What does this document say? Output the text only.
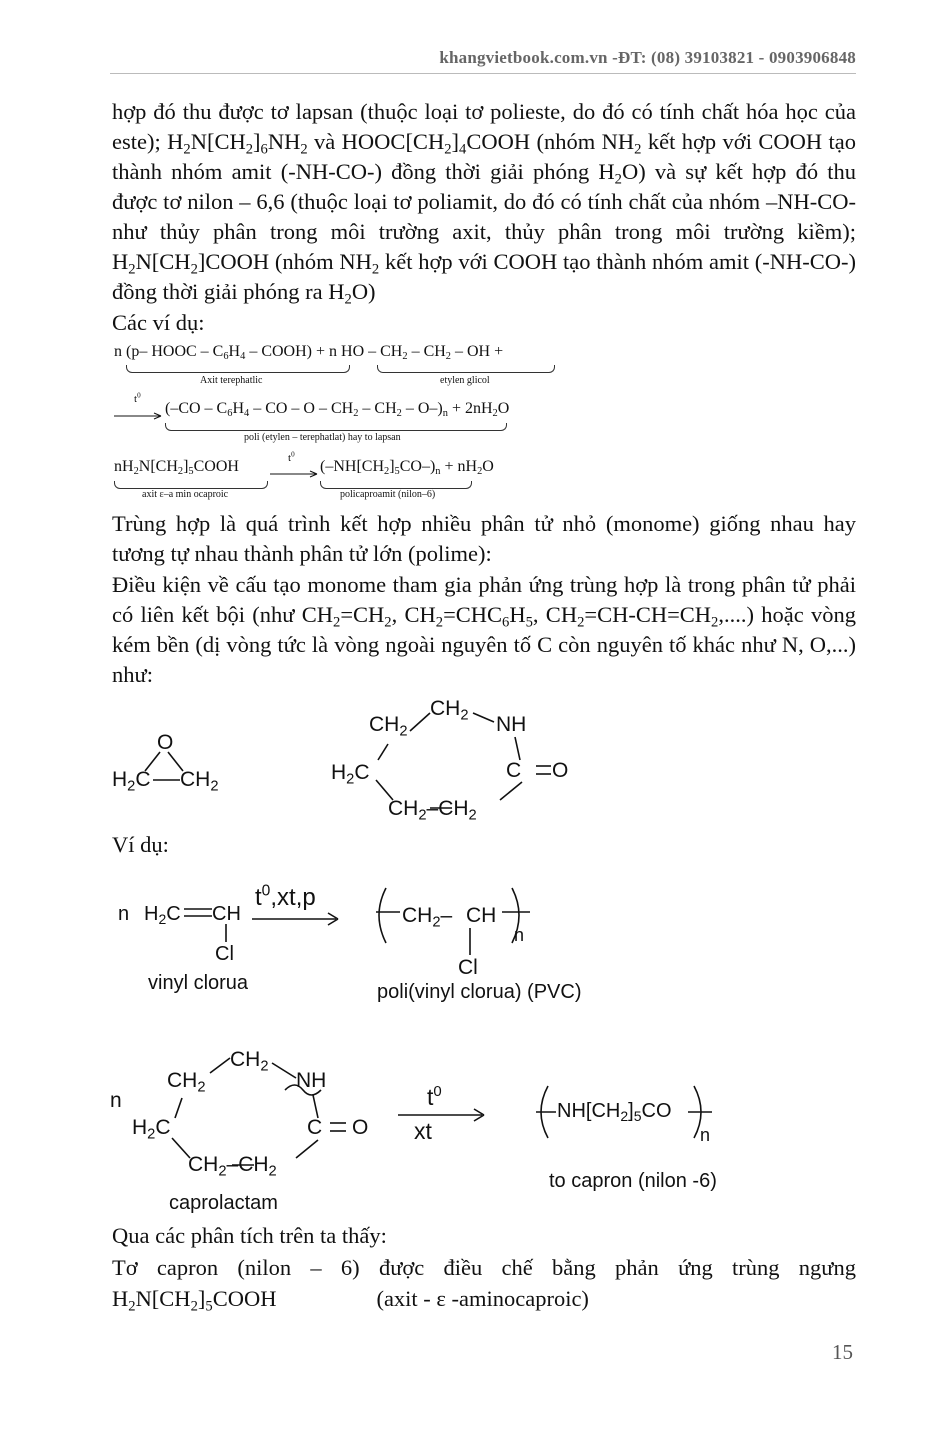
khangvietbook.com.vn -ĐT: (08) 39103821 - 0903906848
hợp đó thu được tơ lapsan (thuộc loại tơ polieste, do đó có tính chất hóa học của este); $H_2N[CH_2]_6NH_2$ và $HOOC[CH_2]_4COOH$ (nhóm $NH_2$ kết hợp với COOH tạo thành nhóm amit (-NH-CO-) đồng thời giải phóng $H_2O$) và sự kết hợp đó thu được tơ nilon – 6,6 (thuộc loại tơ poliamit, do đó có tính chất của nhóm –NH-CO- như thủy phân trong môi trường axit, thủy phân trong môi trường kiềm); $H_2N[CH_2]COOH$ (nhóm $NH_2$ kết hợp với COOH tạo thành nhóm amit (-NH-CO-) đồng thời giải phóng ra $H_2O$)
Các ví dụ:
n (p– HOOC – $C_6H_4$ – COOH) + n HO – $CH_2 - CH_2$ – OH +
Axit terephatlic	etylen glicol
$t^0$
($-CO - C_6H_4$ – CO – $O - CH_2 - CH_2 - O-)_n + 2nH_2O$
poli (etylen – terephatlat) hay to lapsan
$nH_2N[CH_2]_5COOH$	$t^0$
$(-NH[CH_2]_5CO-)_n + nH_2O$
axit ε–a min ocaproic	policaproamit (nilon–6)
Trùng hợp là quá trình kết hợp nhiều phân tử nhỏ (monome) giống nhau hay tương tự nhau thành phân tử lớn (polime):
Điều kiện về cấu tạo monome tham gia phản ứng trùng hợp là trong phân tử phải có liên kết bội (như $CH_2=CH_2$, $CH_2=CHC_6H_5$, $CH_2=CH-CH=CH_2$,....) hoặc vòng kém bền (dị vòng tức là vòng ngoài nguyên tố C còn nguyên tố khác như N, O,...) như:
O
$H_2C$ $CH_2$
$CH_2$ NH
$CH_2$
$H_2C$	C O
$CH_2-CH_2$
Ví dụ:
n $H_2C$ CH
Cl
$t^0,xt,p$
$CH_2-$ CH
Cl
n
vinyl clorua	poli(vinyl clorua) (PVC)
n
$CH_2$
NH
$CH_2$
$H_2C$	C O
$CH_2-CH_2$
$t^0$
xt
$NH[CH_2]_5CO$
n
caprolactam
to capron (nilon -6)
Qua các phân tích trên ta thấy:
Tơ capron (nilon – 6) được điều chế bằng phản ứng trùng ngưng
$H_2N[CH_2]_5COOH$	(axit - ε -aminocaproic)
15
